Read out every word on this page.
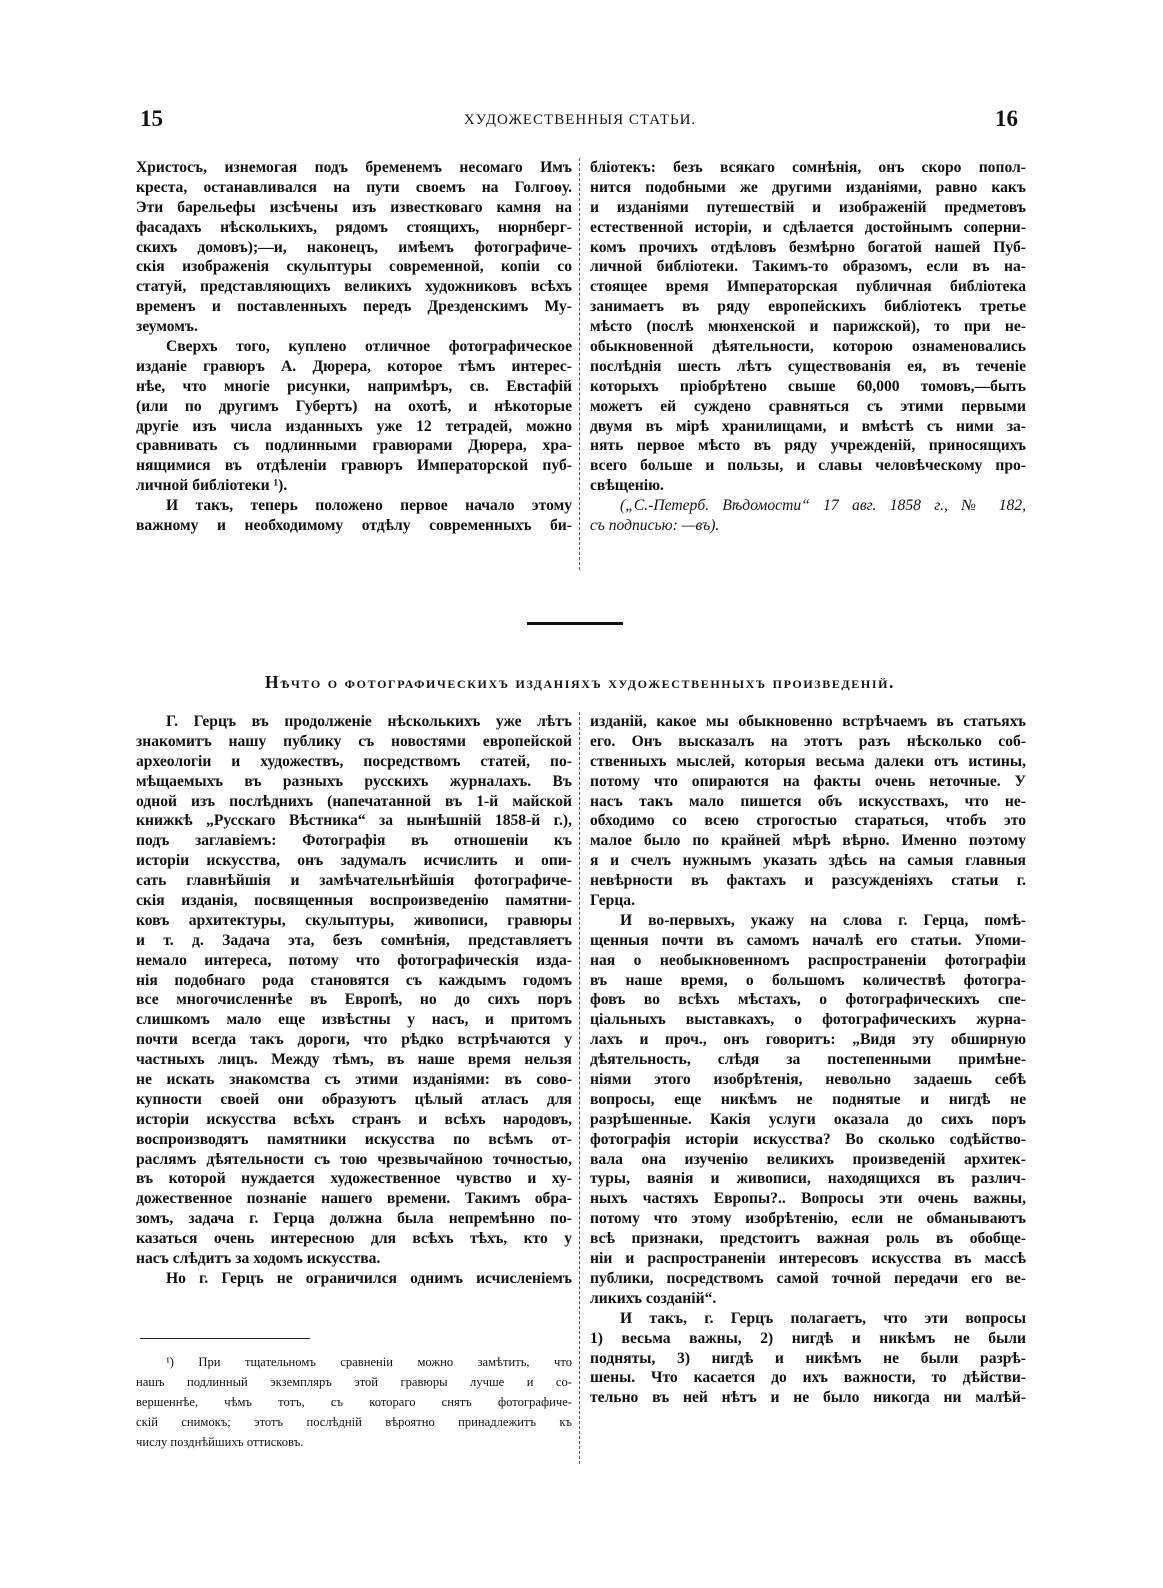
15	ХУДОЖЕСТВЕННЫЯ СТАТЬИ.	16
Христосъ, изнемогая подъ бременемъ несомаго Имъ
креста, останавливался на пути своемъ на Голгоѳу.
Эти барельефы изсѣчены изъ известковаго камня на
фасадахъ нѣсколькихъ, рядомъ стоящихъ, нюрнберг-
скихъ домовъ);—и, наконецъ, имѣемъ фотографиче-
скія изображенія скульптуры современной, копіи со
статуй, представляющихъ великихъ художниковъ всѣхъ
временъ и поставленныхъ передъ Дрезденскимъ Му-
зеумомъ.
Сверхъ того, куплено отличное фотографическое
изданіе гравюръ А. Дюрера, которое тѣмъ интерес-
нѣе, что многіе рисунки, напримѣръ, св. Евстафій
(или по другимъ Губертъ) на охотѣ, и нѣкоторые
другіе изъ числа изданныхъ уже 12 тетрадей, можно
сравнивать съ подлинными гравюрами Дюрера, хра-
нящимися въ отдѣленіи гравюръ Императорской пуб-
личной библіотеки ¹).
И такъ, теперь положено первое начало этому
важному и необходимому отдѣлу современныхъ би-
бліотекъ: безъ всякаго сомнѣнія, онъ скоро попол-
нится подобными же другими изданіями, равно какъ
и изданіями путешествій и изображеній предметовъ
естественной исторіи, и сдѣлается достойнымъ соперни-
комъ прочихъ отдѣловъ безмѣрно богатой нашей Пуб-
личной библіотеки. Такимъ-то образомъ, если въ на-
стоящее время Императорская публичная библіотека
занимаетъ въ ряду европейскихъ библіотекъ третье
мѣсто (послѣ мюнхенской и парижской), то при не-
обыкновенной дѣятельности, которою ознаменовались
послѣднія шесть лѣтъ существованія ея, въ теченіе
которыхъ пріобрѣтено свыше 60,000 томовъ,—быть
можетъ ей суждено сравняться съ этими первыми
двумя въ мірѣ хранилищами, и вмѣстѣ съ ними за-
нять первое мѣсто въ ряду учрежденій, приносящихъ
всего больше и пользы, и славы человѣческому про-
свѣщенію.
(„С.-Петерб. Вѣдомости“ 17 авг. 1858 г., № 182,
съ подписью: —въ).
Нѣчто о фотографическихъ изданіяхъ художественныхъ произведеній.
Г. Герцъ въ продолженіе нѣсколькихъ уже лѣтъ
знакомитъ нашу публику съ новостями европейской
археологіи и художествъ, посредствомъ статей, по-
мѣщаемыхъ въ разныхъ русскихъ журналахъ. Въ
одной изъ послѣднихъ (напечатанной въ 1-й майской
книжкѣ „Русскаго Вѣстника“ за нынѣшній 1858-й г.),
подъ заглавіемъ: Фотографія въ отношеніи къ
исторіи искусства, онъ задумалъ исчислить и опи-
сать главнѣйшія и замѣчательнѣйшія фотографиче-
скія изданія, посвященныя воспроизведенію памятни-
ковъ архитектуры, скульптуры, живописи, гравюры
и т. д. Задача эта, безъ сомнѣнія, представляетъ
немало интереса, потому что фотографическія изда-
нія подобнаго рода становятся съ каждымъ годомъ
все многочисленнѣе въ Европѣ, но до сихъ поръ
слишкомъ мало еще извѣстны у насъ, и притомъ
почти всегда такъ дороги, что рѣдко встрѣчаются у
частныхъ лицъ. Между тѣмъ, въ наше время нельзя
не искать знакомства съ этими изданіями: въ сово-
купности своей они образуютъ цѣлый атласъ для
исторіи искусства всѣхъ странъ и всѣхъ народовъ,
воспроизводятъ памятники искусства по всѣмъ от-
раслямъ дѣятельности съ тою чрезвычайною точностью,
въ которой нуждается художественное чувство и ху-
дожественное познаніе нашего времени. Такимъ обра-
зомъ, задача г. Герца должна была непремѣнно по-
казаться очень интересною для всѣхъ тѣхъ, кто у
насъ слѣдитъ за ходомъ искусства.
Но г. Герцъ не ограничился однимъ исчисленіемъ
изданій, какое мы обыкновенно встрѣчаемъ въ статьяхъ
его. Онъ высказалъ на этотъ разъ нѣсколько соб-
ственныхъ мыслей, которыя весьма далеки отъ истины,
потому что опираются на факты очень неточные. У
насъ такъ мало пишется объ искусствахъ, что не-
обходимо со всею строгостью стараться, чтобъ это
малое было по крайней мѣрѣ вѣрно. Именно поэтому
я и счелъ нужнымъ указать здѣсь на самыя главныя
невѣрности въ фактахъ и разсужденіяхъ статьи г.
Герца.
И во-первыхъ, укажу на слова г. Герца, помѣ-
щенныя почти въ самомъ началѣ его статьи. Упоми-
ная о необыкновенномъ распространеніи фотографіи
въ наше время, о большомъ количествѣ фотогра-
фовъ во всѣхъ мѣстахъ, о фотографическихъ спе-
ціальныхъ выставкахъ, о фотографическихъ журна-
лахъ и проч., онъ говоритъ: „Видя эту обширную
дѣятельность, слѣдя за постепенными примѣне-
ніями этого изобрѣтенія, невольно задаешь себѣ
вопросы, еще никѣмъ не поднятые и нигдѣ не
разрѣшенные. Какія услуги оказала до сихъ поръ
фотографія исторіи искусства? Во сколько содѣйство-
вала она изученію великихъ произведеній архитек-
туры, ваянія и живописи, находящихся въ различ-
ныхъ частяхъ Европы?.. Вопросы эти очень важны,
потому что этому изобрѣтенію, если не обманываютъ
всѣ признаки, предстоитъ важная роль въ обобще-
ніи и распространеніи интересовъ искусства въ массѣ
публики, посредствомъ самой точной передачи его ве-
ликихъ созданій“.
И такъ, г. Герцъ полагаетъ, что эти вопросы
1) весьма важны, 2) нигдѣ и никѣмъ не были
подняты, 3) нигдѣ и никѣмъ не были разрѣ-
шены. Что касается до ихъ важности, то дѣйстви-
тельно въ ней нѣтъ и не было никогда ни малѣй-
¹) При тщательномъ сравненіи можно замѣтить, что
нашъ подлинный экземпляръ этой гравюры лучше и со-
вершеннѣе, чѣмъ тотъ, съ котораго снятъ фотографиче-
скій снимокъ; этотъ послѣдній вѣроятно принадлежитъ къ
числу позднѣйшихъ оттисковъ.
